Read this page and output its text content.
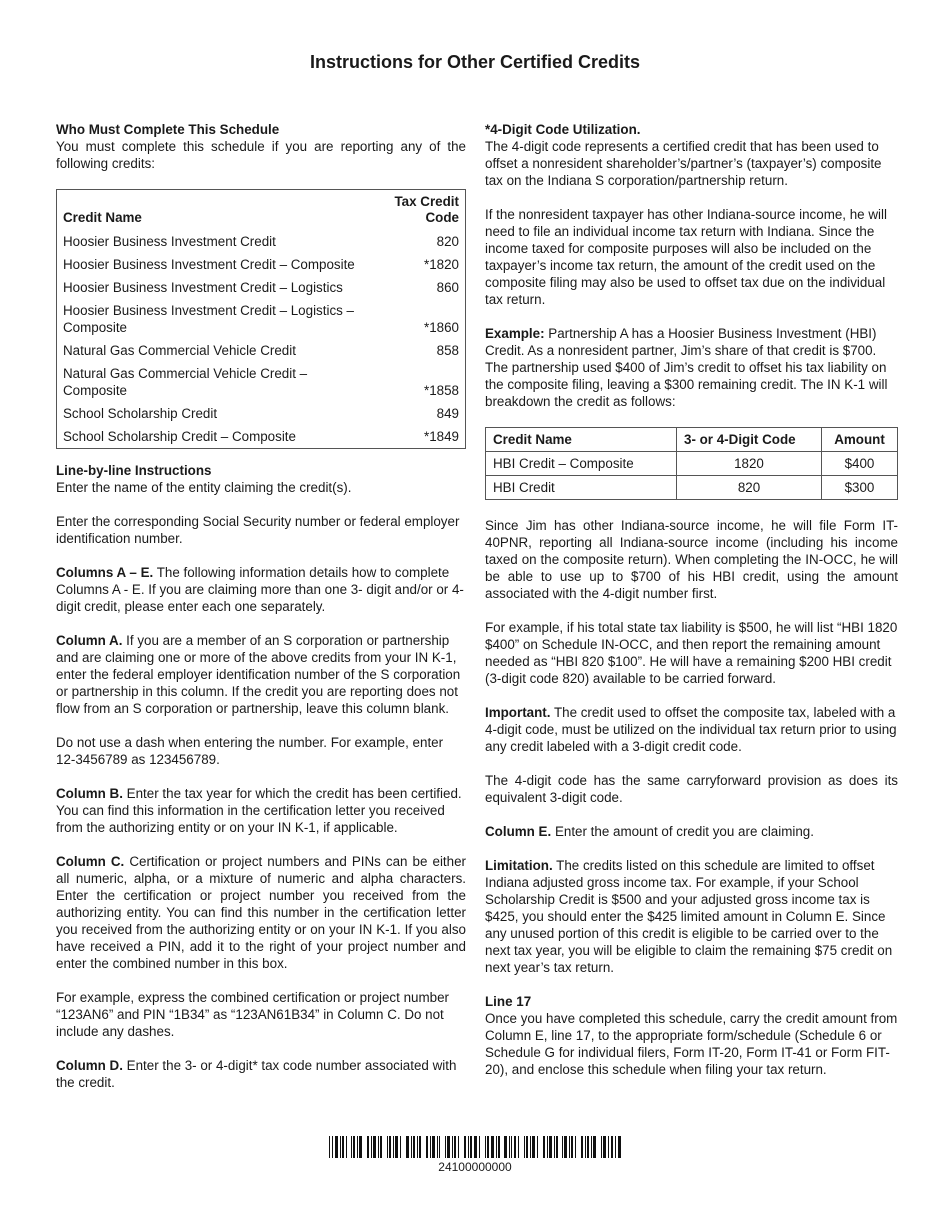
Instructions for Other Certified Credits

Who Must Complete This Schedule
You must complete this schedule if you are reporting any of the following credits:

Credit Name	Tax Credit Code
Hoosier Business Investment Credit	820
Hoosier Business Investment Credit – Composite	*1820
Hoosier Business Investment Credit – Logistics	860
Hoosier Business Investment Credit – Logistics – Composite	*1860
Natural Gas Commercial Vehicle Credit	858
Natural Gas Commercial Vehicle Credit – Composite	*1858
School Scholarship Credit	849
School Scholarship Credit – Composite	*1849

Line-by-line Instructions
Enter the name of the entity claiming the credit(s).

Enter the corresponding Social Security number or federal employer identification number.

Columns A – E. The following information details how to complete Columns A - E. If you are claiming more than one 3- digit and/or or 4-digit credit, please enter each one separately.

Column A. If you are a member of an S corporation or partnership and are claiming one or more of the above credits from your IN K-1, enter the federal employer identification number of the S corporation or partnership in this column. If the credit you are reporting does not flow from an S corporation or partnership, leave this column blank.

Do not use a dash when entering the number. For example, enter 12-3456789 as 123456789.

Column B. Enter the tax year for which the credit has been certified. You can find this information in the certification letter you received from the authorizing entity or on your IN K-1, if applicable.

Column C. Certification or project numbers and PINs can be either all numeric, alpha, or a mixture of numeric and alpha characters. Enter the certification or project number you received from the authorizing entity. You can find this number in the certification letter you received from the authorizing entity or on your IN K-1. If you also have received a PIN, add it to the right of your project number and enter the combined number in this box.

For example, express the combined certification or project number “123AN6” and PIN “1B34” as “123AN61B34” in Column C. Do not include any dashes.

Column D. Enter the 3- or 4-digit* tax code number associated with the credit.

*4-Digit Code Utilization.
The 4-digit code represents a certified credit that has been used to offset a nonresident shareholder’s/partner’s (taxpayer’s) composite tax on the Indiana S corporation/partnership return.

If the nonresident taxpayer has other Indiana-source income, he will need to file an individual income tax return with Indiana. Since the income taxed for composite purposes will also be included on the taxpayer’s income tax return, the amount of the credit used on the composite filing may also be used to offset tax due on the individual tax return.

Example: Partnership A has a Hoosier Business Investment (HBI) Credit. As a nonresident partner, Jim’s share of that credit is $700. The partnership used $400 of Jim’s credit to offset his tax liability on the composite filing, leaving a $300 remaining credit. The IN K-1 will breakdown the credit as follows:

Credit Name	3- or 4-Digit Code	Amount
HBI Credit – Composite	1820	$400
HBI Credit	820	$300

Since Jim has other Indiana-source income, he will file Form IT-40PNR, reporting all Indiana-source income (including his income taxed on the composite return). When completing the IN-OCC, he will be able to use up to $700 of his HBI credit, using the amount associated with the 4-digit number first.

For example, if his total state tax liability is $500, he will list “HBI 1820 $400” on Schedule IN-OCC, and then report the remaining amount needed as “HBI 820 $100”. He will have a remaining $200 HBI credit (3-digit code 820) available to be carried forward.

Important. The credit used to offset the composite tax, labeled with a 4-digit code, must be utilized on the individual tax return prior to using any credit labeled with a 3-digit credit code.

The 4-digit code has the same carryforward provision as does its equivalent 3-digit code.

Column E. Enter the amount of credit you are claiming.

Limitation. The credits listed on this schedule are limited to offset Indiana adjusted gross income tax. For example, if your School Scholarship Credit is $500 and your adjusted gross income tax is $425, you should enter the $425 limited amount in Column E. Since any unused portion of this credit is eligible to be carried over to the next tax year, you will be eligible to claim the remaining $75 credit on next year’s tax return.

Line 17
Once you have completed this schedule, carry the credit amount from Column E, line 17, to the appropriate form/schedule (Schedule 6 or Schedule G for individual filers, Form IT-20, Form IT-41 or Form FIT-20), and enclose this schedule when filing your tax return.

24100000000
